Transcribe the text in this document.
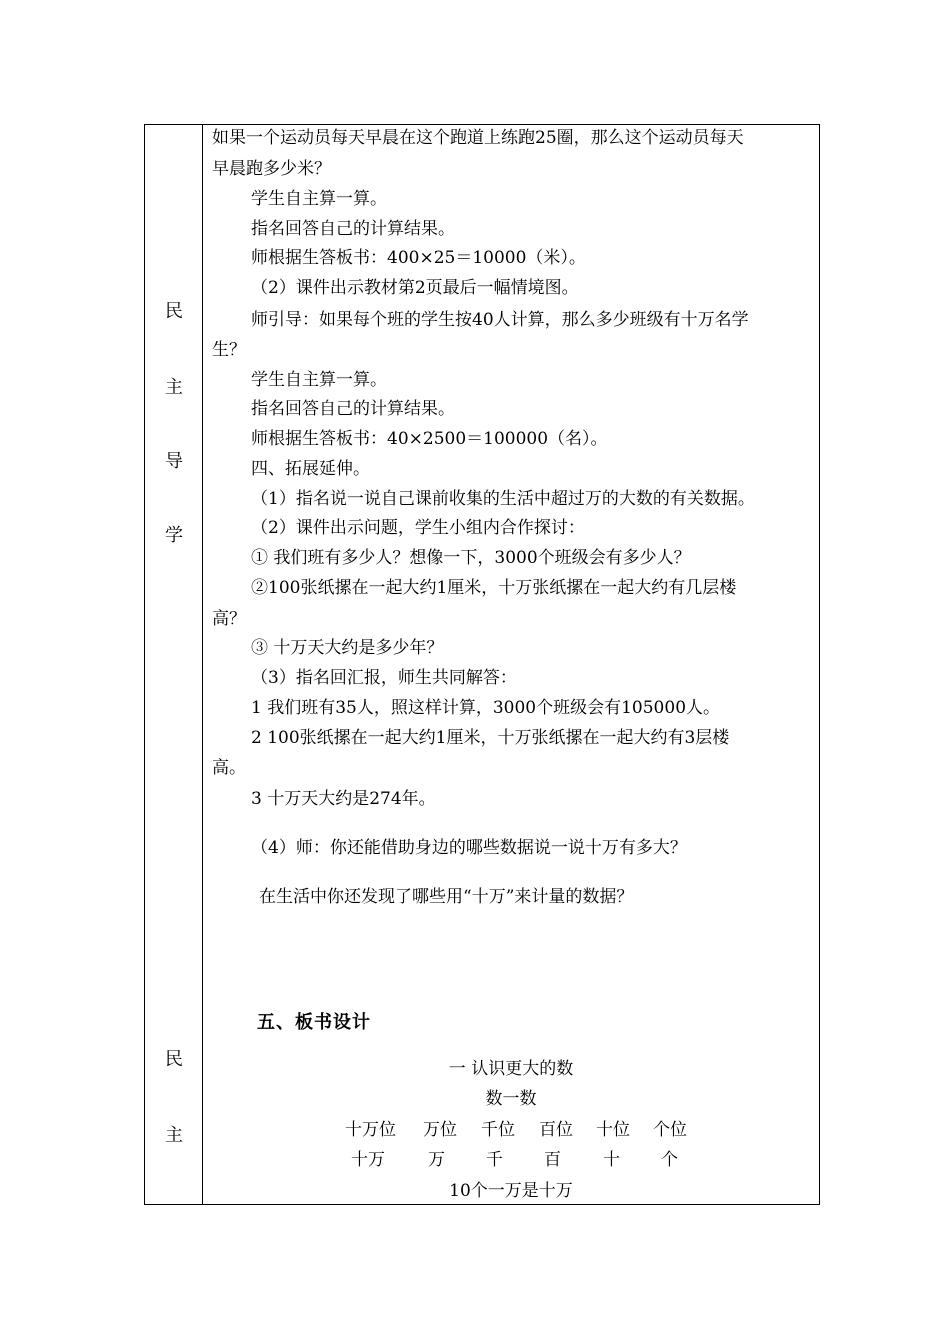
民
主
导
学
民
主
如果一个运动员每天早晨在这个跑道上练跑25圈，那么这个运动员每天
早晨跑多少米？
学生自主算一算。
指名回答自己的计算结果。
师根据生答板书：400×25＝10000（米）。
（2）课件出示教材第2页最后一幅情境图。
师引导：如果每个班的学生按40人计算，那么多少班级有十万名学
生？
学生自主算一算。
指名回答自己的计算结果。
师根据生答板书：40×2500＝100000（名）。
四、拓展延伸。
（1）指名说一说自己课前收集的生活中超过万的大数的有关数据。
（2）课件出示问题，学生小组内合作探讨：
① 我们班有多少人？想像一下，3000个班级会有多少人？
②100张纸摞在一起大约1厘米，十万张纸摞在一起大约有几层楼
高？
③ 十万天大约是多少年？
（3）指名回汇报，师生共同解答：
1 我们班有35人，照这样计算，3000个班级会有105000人。
2 100张纸摞在一起大约1厘米，十万张纸摞在一起大约有3层楼
高。
3 十万天大约是274年。
（4）师：你还能借助身边的哪些数据说一说十万有多大？
在生活中你还发现了哪些用“十万”来计量的数据？
五、板书设计
一 认识更大的数
数一数
十万位 万位 千位 百位 十位 个位
十万	万 千 百 十 个
10个一万是十万
